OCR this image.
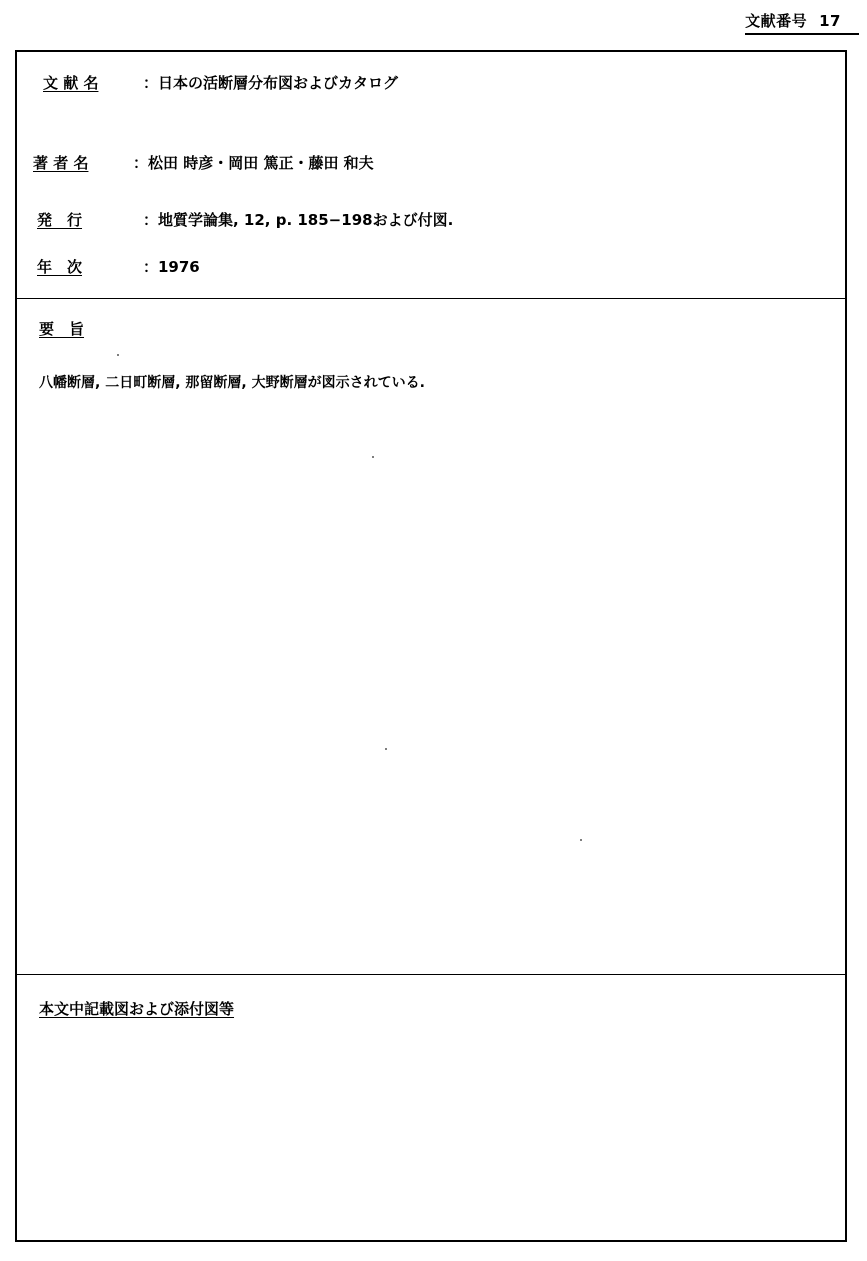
文献番号 17
文 献 名	：日本の活断層分布図およびカタログ
著 者 名	：松田 時彦・岡田 篤正・藤田 和夫
発　行	：地質学論集, 12, p. 185−198および付図.
年　次	：1976
要　旨
八幡断層, 二日町断層, 那留断層, 大野断層が図示されている.
本文中記載図および添付図等
